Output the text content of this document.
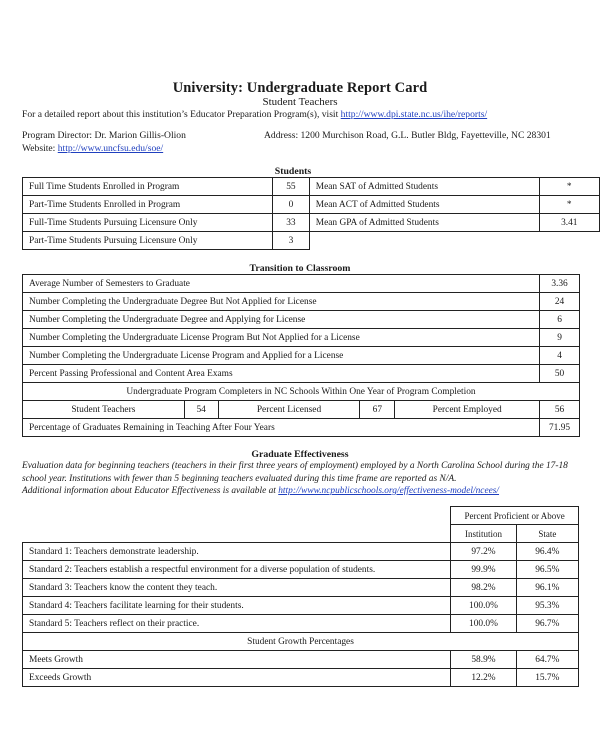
University: Undergraduate Report Card
Student Teachers
For a detailed report about this institution’s Educator Preparation Program(s), visit http://www.dpi.state.nc.us/ihe/reports/
Program Director: Dr. Marion Gillis-Olion
Website: http://www.uncfsu.edu/soe/
Address: 1200 Murchison Road, G.L. Butler Bldg, Fayetteville, NC 28301
Students
Full Time Students Enrolled in Program	55	Mean SAT of Admitted Students	*
Part-Time Students Enrolled in Program	0	Mean ACT of Admitted Students	*
Full-Time Students Pursuing Licensure Only	33	Mean GPA of Admitted Students	3.41
Part-Time Students Pursuing Licensure Only	3		
Transition to Classroom
Average Number of Semesters to Graduate					3.36
Number Completing the Undergraduate Degree But Not Applied for License					24
Number Completing the Undergraduate Degree and Applying for License					6
Number Completing the Undergraduate License Program But Not Applied for a License					9
Number Completing the Undergraduate License Program and Applied for a License					4
Percent Passing Professional and Content Area Exams					50
Undergraduate Program Completers in NC Schools Within One Year of Program Completion					
Student Teachers	54	Percent Licensed	67	Percent Employed	56
Percentage of Graduates Remaining in Teaching After Four Years					71.95
Graduate Effectiveness
Evaluation data for beginning teachers (teachers in their first three years of employment) employed by a North Carolina School during the 17-18 school year. Institutions with fewer than 5 beginning teachers evaluated during this time frame are reported as N/A.
Additional information about Educator Effectiveness is available at http://www.ncpublicschools.org/effectiveness-model/ncees/
	Percent Proficient or Above	
	Institution	State
Standard 1: Teachers demonstrate leadership.	97.2%	96.4%
Standard 2: Teachers establish a respectful environment for a diverse population of students.	99.9%	96.5%
Standard 3: Teachers know the content they teach.	98.2%	96.1%
Standard 4: Teachers facilitate learning for their students.	100.0%	95.3%
Standard 5: Teachers reflect on their practice.	100.0%	96.7%
Student Growth Percentages		
Meets Growth	58.9%	64.7%
Exceeds Growth	12.2%	15.7%
